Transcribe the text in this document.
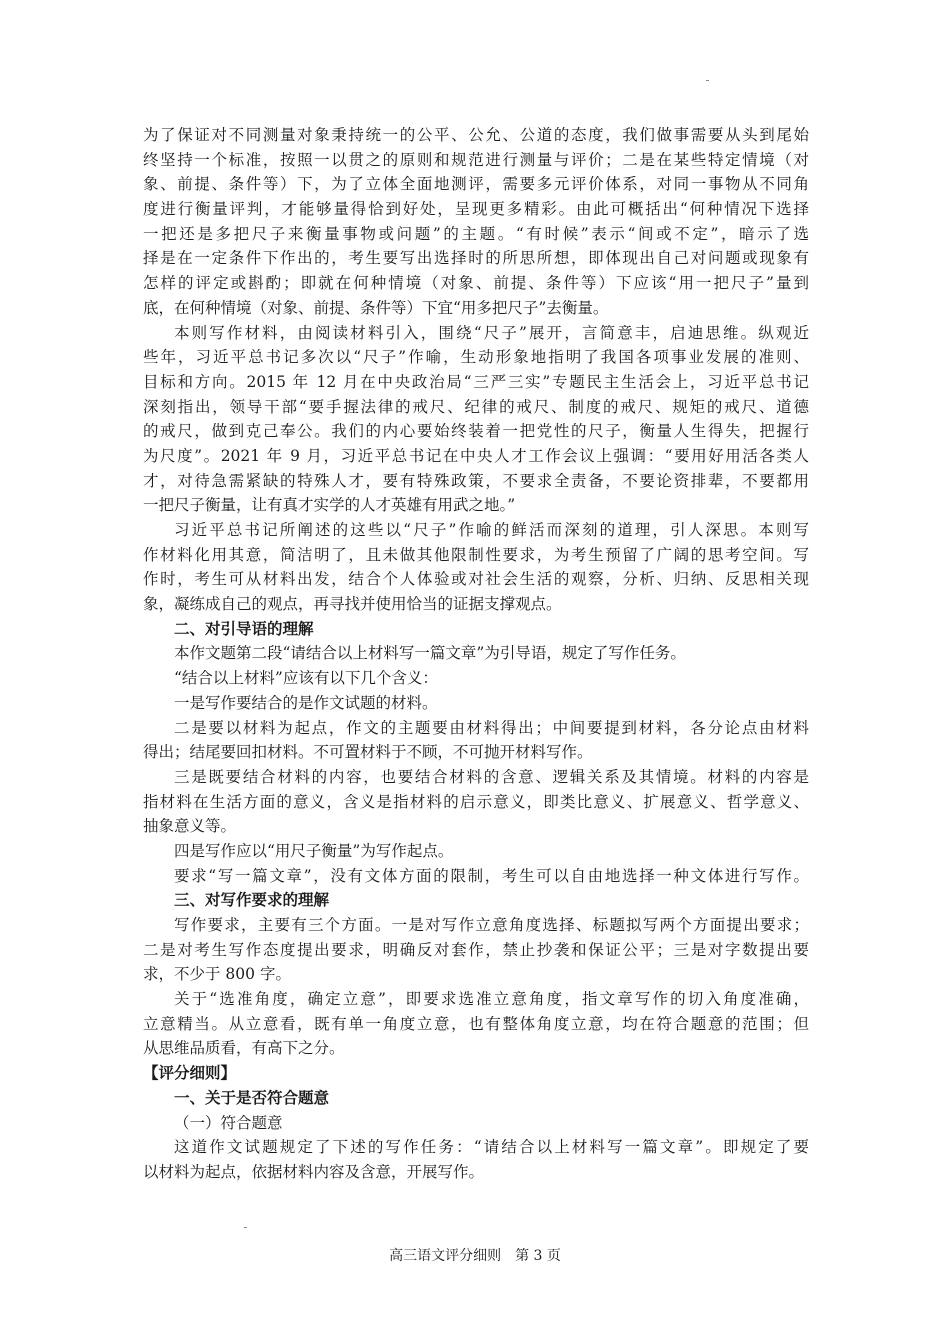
为了保证对不同测量对象秉持统一的公平、公允、公道的态度，我们做事需要从头到尾始
终坚持一个标准，按照一以贯之的原则和规范进行测量与评价；二是在某些特定情境（对
象、前提、条件等）下，为了立体全面地测评，需要多元评价体系，对同一事物从不同角
度进行衡量评判，才能够量得恰到好处，呈现更多精彩。由此可概括出“何种情况下选择
一把还是多把尺子来衡量事物或问题”的主题。“有时候”表示“间或不定”，暗示了选
择是在一定条件下作出的，考生要写出选择时的所思所想，即体现出自己对问题或现象有
怎样的评定或斟酌；即就在何种情境（对象、前提、条件等）下应该“用一把尺子”量到
底，在何种情境（对象、前提、条件等）下宜“用多把尺子”去衡量。
本则写作材料，由阅读材料引入，围绕“尺子”展开，言简意丰，启迪思维。纵观近
些年，习近平总书记多次以“尺子”作喻，生动形象地指明了我国各项事业发展的准则、
目标和方向。2015 年 12 月在中央政治局“三严三实”专题民主生活会上，习近平总书记
深刻指出，领导干部“要手握法律的戒尺、纪律的戒尺、制度的戒尺、规矩的戒尺、道德
的戒尺，做到克己奉公。我们的内心要始终装着一把党性的尺子，衡量人生得失，把握行
为尺度”。2021 年 9 月，习近平总书记在中央人才工作会议上强调：“要用好用活各类人
才，对待急需紧缺的特殊人才，要有特殊政策，不要求全责备，不要论资排辈，不要都用
一把尺子衡量，让有真才实学的人才英雄有用武之地。”
习近平总书记所阐述的这些以“尺子”作喻的鲜活而深刻的道理，引人深思。本则写
作材料化用其意，简洁明了，且未做其他限制性要求，为考生预留了广阔的思考空间。写
作时，考生可从材料出发，结合个人体验或对社会生活的观察，分析、归纳、反思相关现
象，凝练成自己的观点，再寻找并使用恰当的证据支撑观点。
二、对引导语的理解
本作文题第二段“请结合以上材料写一篇文章”为引导语，规定了写作任务。
“结合以上材料”应该有以下几个含义：
一是写作要结合的是作文试题的材料。
二是要以材料为起点，作文的主题要由材料得出；中间要提到材料，各分论点由材料
得出；结尾要回扣材料。不可置材料于不顾，不可抛开材料写作。
三是既要结合材料的内容，也要结合材料的含意、逻辑关系及其情境。材料的内容是
指材料在生活方面的意义，含义是指材料的启示意义，即类比意义、扩展意义、哲学意义、
抽象意义等。
四是写作应以“用尺子衡量”为写作起点。
要求“写一篇文章”，没有文体方面的限制，考生可以自由地选择一种文体进行写作。
三、对写作要求的理解
写作要求，主要有三个方面。一是对写作立意角度选择、标题拟写两个方面提出要求；
二是对考生写作态度提出要求，明确反对套作，禁止抄袭和保证公平；三是对字数提出要
求，不少于 800 字。
关于“选准角度，确定立意”，即要求选准立意角度，指文章写作的切入角度准确，
立意精当。从立意看，既有单一角度立意，也有整体角度立意，均在符合题意的范围；但
从思维品质看，有高下之分。
【评分细则】
一、关于是否符合题意
（一）符合题意
这道作文试题规定了下述的写作任务：“请结合以上材料写一篇文章”。即规定了要
以材料为起点，依据材料内容及含意，开展写作。
高三语文评分细则　第 3 页
